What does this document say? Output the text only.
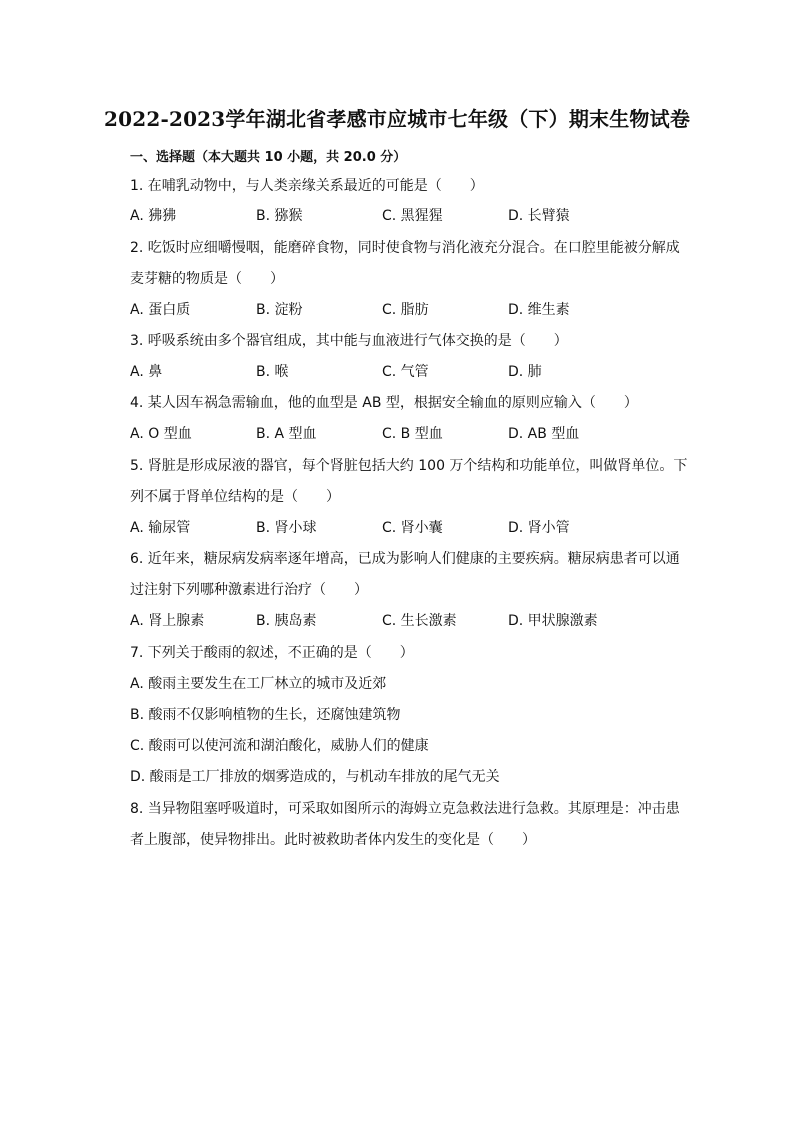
2022-2023学年湖北省孝感市应城市七年级（下）期末生物试卷
一、选择题（本大题共 10 小题，共 20.0 分）
1. 在哺乳动物中，与人类亲缘关系最近的可能是（　　）
A. 狒狒	B. 猕猴	C. 黑猩猩	D. 长臂猿
2. 吃饭时应细嚼慢咽，能磨碎食物，同时使食物与消化液充分混合。在口腔里能被分解成
麦芽糖的物质是（　　）
A. 蛋白质	B. 淀粉	C. 脂肪	D. 维生素
3. 呼吸系统由多个器官组成，其中能与血液进行气体交换的是（　　）
A. 鼻	B. 喉	C. 气管	D. 肺
4. 某人因车祸急需输血，他的血型是 AB 型，根据安全输血的原则应输入（　　）
A. O 型血	B. A 型血	C. B 型血	D. AB 型血
5. 肾脏是形成尿液的器官，每个肾脏包括大约 100 万个结构和功能单位，叫做肾单位。下
列不属于肾单位结构的是（　　）
A. 输尿管	B. 肾小球	C. 肾小囊	D. 肾小管
6. 近年来，糖尿病发病率逐年增高，已成为影响人们健康的主要疾病。糖尿病患者可以通
过注射下列哪种激素进行治疗（　　）
A. 肾上腺素	B. 胰岛素	C. 生长激素	D. 甲状腺激素
7. 下列关于酸雨的叙述，不正确的是（　　）
A. 酸雨主要发生在工厂林立的城市及近郊
B. 酸雨不仅影响植物的生长，还腐蚀建筑物
C. 酸雨可以使河流和湖泊酸化，威胁人们的健康
D. 酸雨是工厂排放的烟雾造成的，与机动车排放的尾气无关
8. 当异物阻塞呼吸道时，可采取如图所示的海姆立克急救法进行急救。其原理是：冲击患
者上腹部，使异物排出。此时被救助者体内发生的变化是（　　）
